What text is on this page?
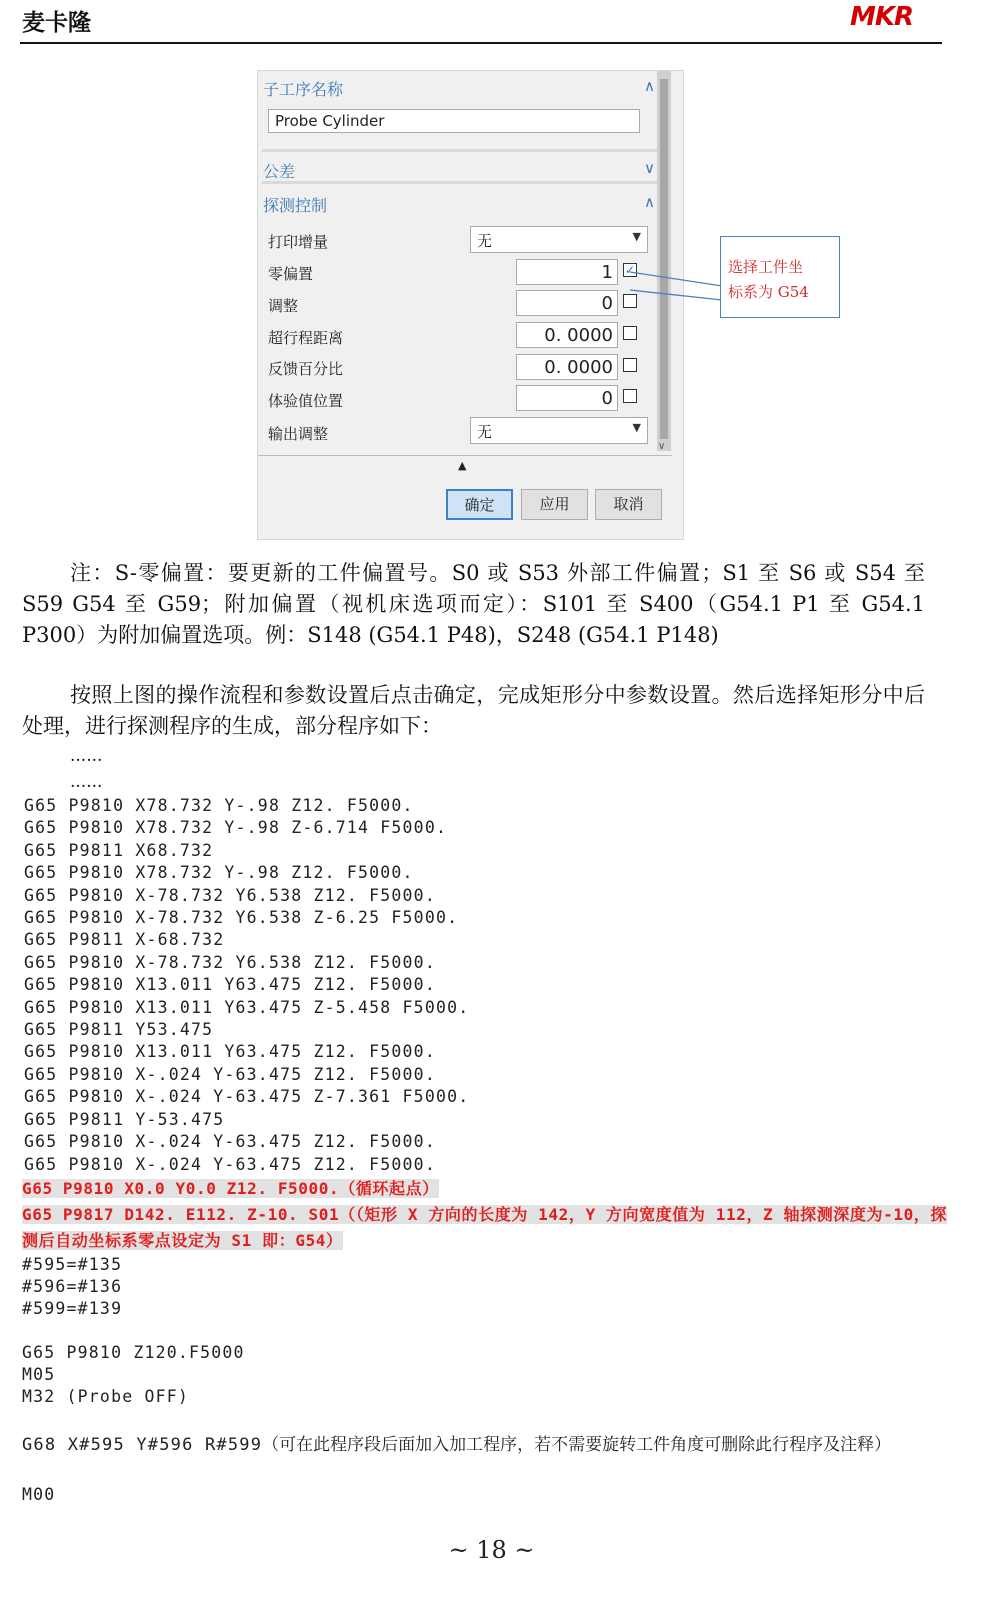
麦卡隆	MKR
子工序名称	∧
Probe Cylinder
公差	∨
探测控制	∧
打印增量	无	▼
零偏置	1 ✓
调整	0
超行程距离	0. 0000
反馈百分比	0. 0000
体验值位置	0
输出调整	无	▼
∨
▲
确定	应用	取消
选择工件坐
标系为 G54
注：S-零偏置：要更新的工件偏置号。S0 或 S53 外部工件偏置；S1 至 S6 或 S54 至 S59 G54 至 G59；附加偏置（视机床选项而定）：S101 至 S400（G54.1 P1 至 G54.1 P300）为附加偏置选项。例：S148 (G54.1 P48)，S248 (G54.1 P148)
按照上图的操作流程和参数设置后点击确定，完成矩形分中参数设置。然后选择矩形分中后处理，进行探测程序的生成，部分程序如下：
......
......
G65 P9810 X78.732 Y-.98 Z12. F5000.
G65 P9810 X78.732 Y-.98 Z-6.714 F5000.
G65 P9811 X68.732
G65 P9810 X78.732 Y-.98 Z12. F5000.
G65 P9810 X-78.732 Y6.538 Z12. F5000.
G65 P9810 X-78.732 Y6.538 Z-6.25 F5000.
G65 P9811 X-68.732
G65 P9810 X-78.732 Y6.538 Z12. F5000.
G65 P9810 X13.011 Y63.475 Z12. F5000.
G65 P9810 X13.011 Y63.475 Z-5.458 F5000.
G65 P9811 Y53.475
G65 P9810 X13.011 Y63.475 Z12. F5000.
G65 P9810 X-.024 Y-63.475 Z12. F5000.
G65 P9810 X-.024 Y-63.475 Z-7.361 F5000.
G65 P9811 Y-53.475
G65 P9810 X-.024 Y-63.475 Z12. F5000.
G65 P9810 X-.024 Y-63.475 Z12. F5000.
G65 P9810 X0.0 Y0.0 Z12. F5000.（循环起点）
G65 P9817 D142. E112. Z-10. S01（（矩形 X 方向的长度为 142，Y 方向宽度值为 112，Z 轴探测深度为-10，探测后自动坐标系零点设定为 S1 即：G54）
#595=#135
#596=#136
#599=#139
G65 P9810 Z120.F5000
M05
M32 (Probe OFF)
G68 X#595 Y#596 R#599（可在此程序段后面加入加工程序，若不需要旋转工件角度可删除此行程序及注释）
M00
~ 18 ~
